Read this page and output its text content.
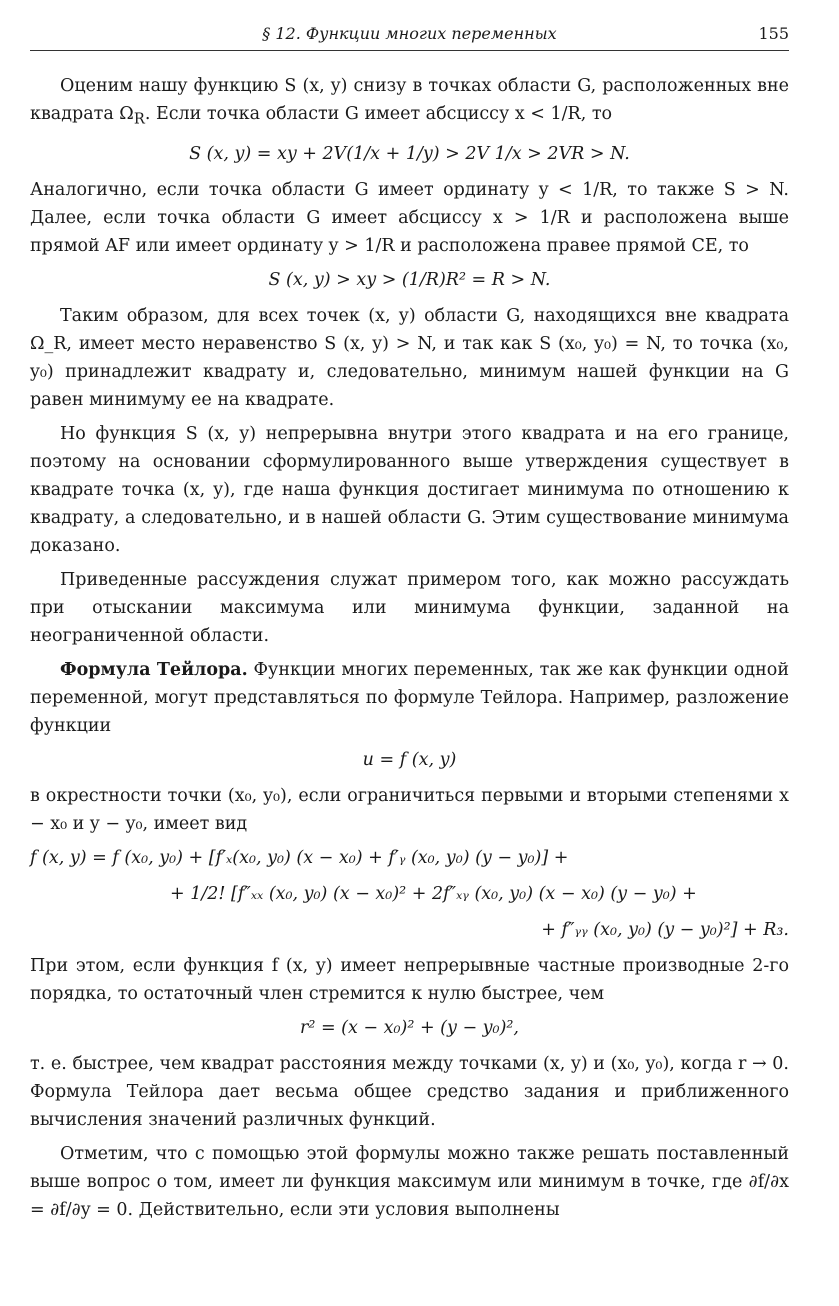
§ 12. Функции многих переменных	155

Оценим нашу функцию S (x, y) снизу в точках области G, расположенных вне квадрата $\Omega_R$. Если точка области G имеет абсциссу x < 1/R, то

S (x, y) = xy + 2V(1/x + 1/y) > 2V 1/x > 2VR > N.

Аналогично, если точка области G имеет ординату y < 1/R, то также S > N. Далее, если точка области G имеет абсциссу x > 1/R и расположена выше прямой AF или имеет ординату y > 1/R и расположена правее прямой CE, то

S (x, y) > xy > (1/R)R² = R > N.

Таким образом, для всех точек (x, y) области G, находящихся вне квадрата Ω_R, имеет место неравенство S (x, y) > N, и так как S (x₀, y₀) = N, то точка (x₀, y₀) принадлежит квадрату и, следовательно, минимум нашей функции на G равен минимуму ее на квадрате.

Но функция S (x, y) непрерывна внутри этого квадрата и на его границе, поэтому на основании сформулированного выше утверждения существует в квадрате точка (x, y), где наша функция достигает минимума по отношению к квадрату, а следовательно, и в нашей области G. Этим существование минимума доказано.

Приведенные рассуждения служат примером того, как можно рассуждать при отыскании максимума или минимума функции, заданной на неограниченной области.

Формула Тейлора. Функции многих переменных, так же как функции одной переменной, могут представляться по формуле Тейлора. Например, разложение функции

u = f (x, y)

в окрестности точки (x₀, y₀), если ограничиться первыми и вторыми степенями x − x₀ и y − y₀, имеет вид

f (x, y) = f (x₀, y₀) + [f′ₓ(x₀, y₀) (x − x₀) + f′ᵧ (x₀, y₀) (y − y₀)] +
+ 1/2! [f″ₓₓ (x₀, y₀) (x − x₀)² + 2f″ₓᵧ (x₀, y₀) (x − x₀) (y − y₀) +
+ f″ᵧᵧ (x₀, y₀) (y − y₀)²] + R₃.

При этом, если функция f (x, y) имеет непрерывные частные производные 2-го порядка, то остаточный член стремится к нулю быстрее, чем

r² = (x − x₀)² + (y − y₀)²,

т. е. быстрее, чем квадрат расстояния между точками (x, y) и (x₀, y₀), когда r → 0. Формула Тейлора дает весьма общее средство задания и приближенного вычисления значений различных функций.

Отметим, что с помощью этой формулы можно также решать поставленный выше вопрос о том, имеет ли функция максимум или минимум в точке, где ∂f/∂x = ∂f/∂y = 0. Действительно, если эти условия выполнены
